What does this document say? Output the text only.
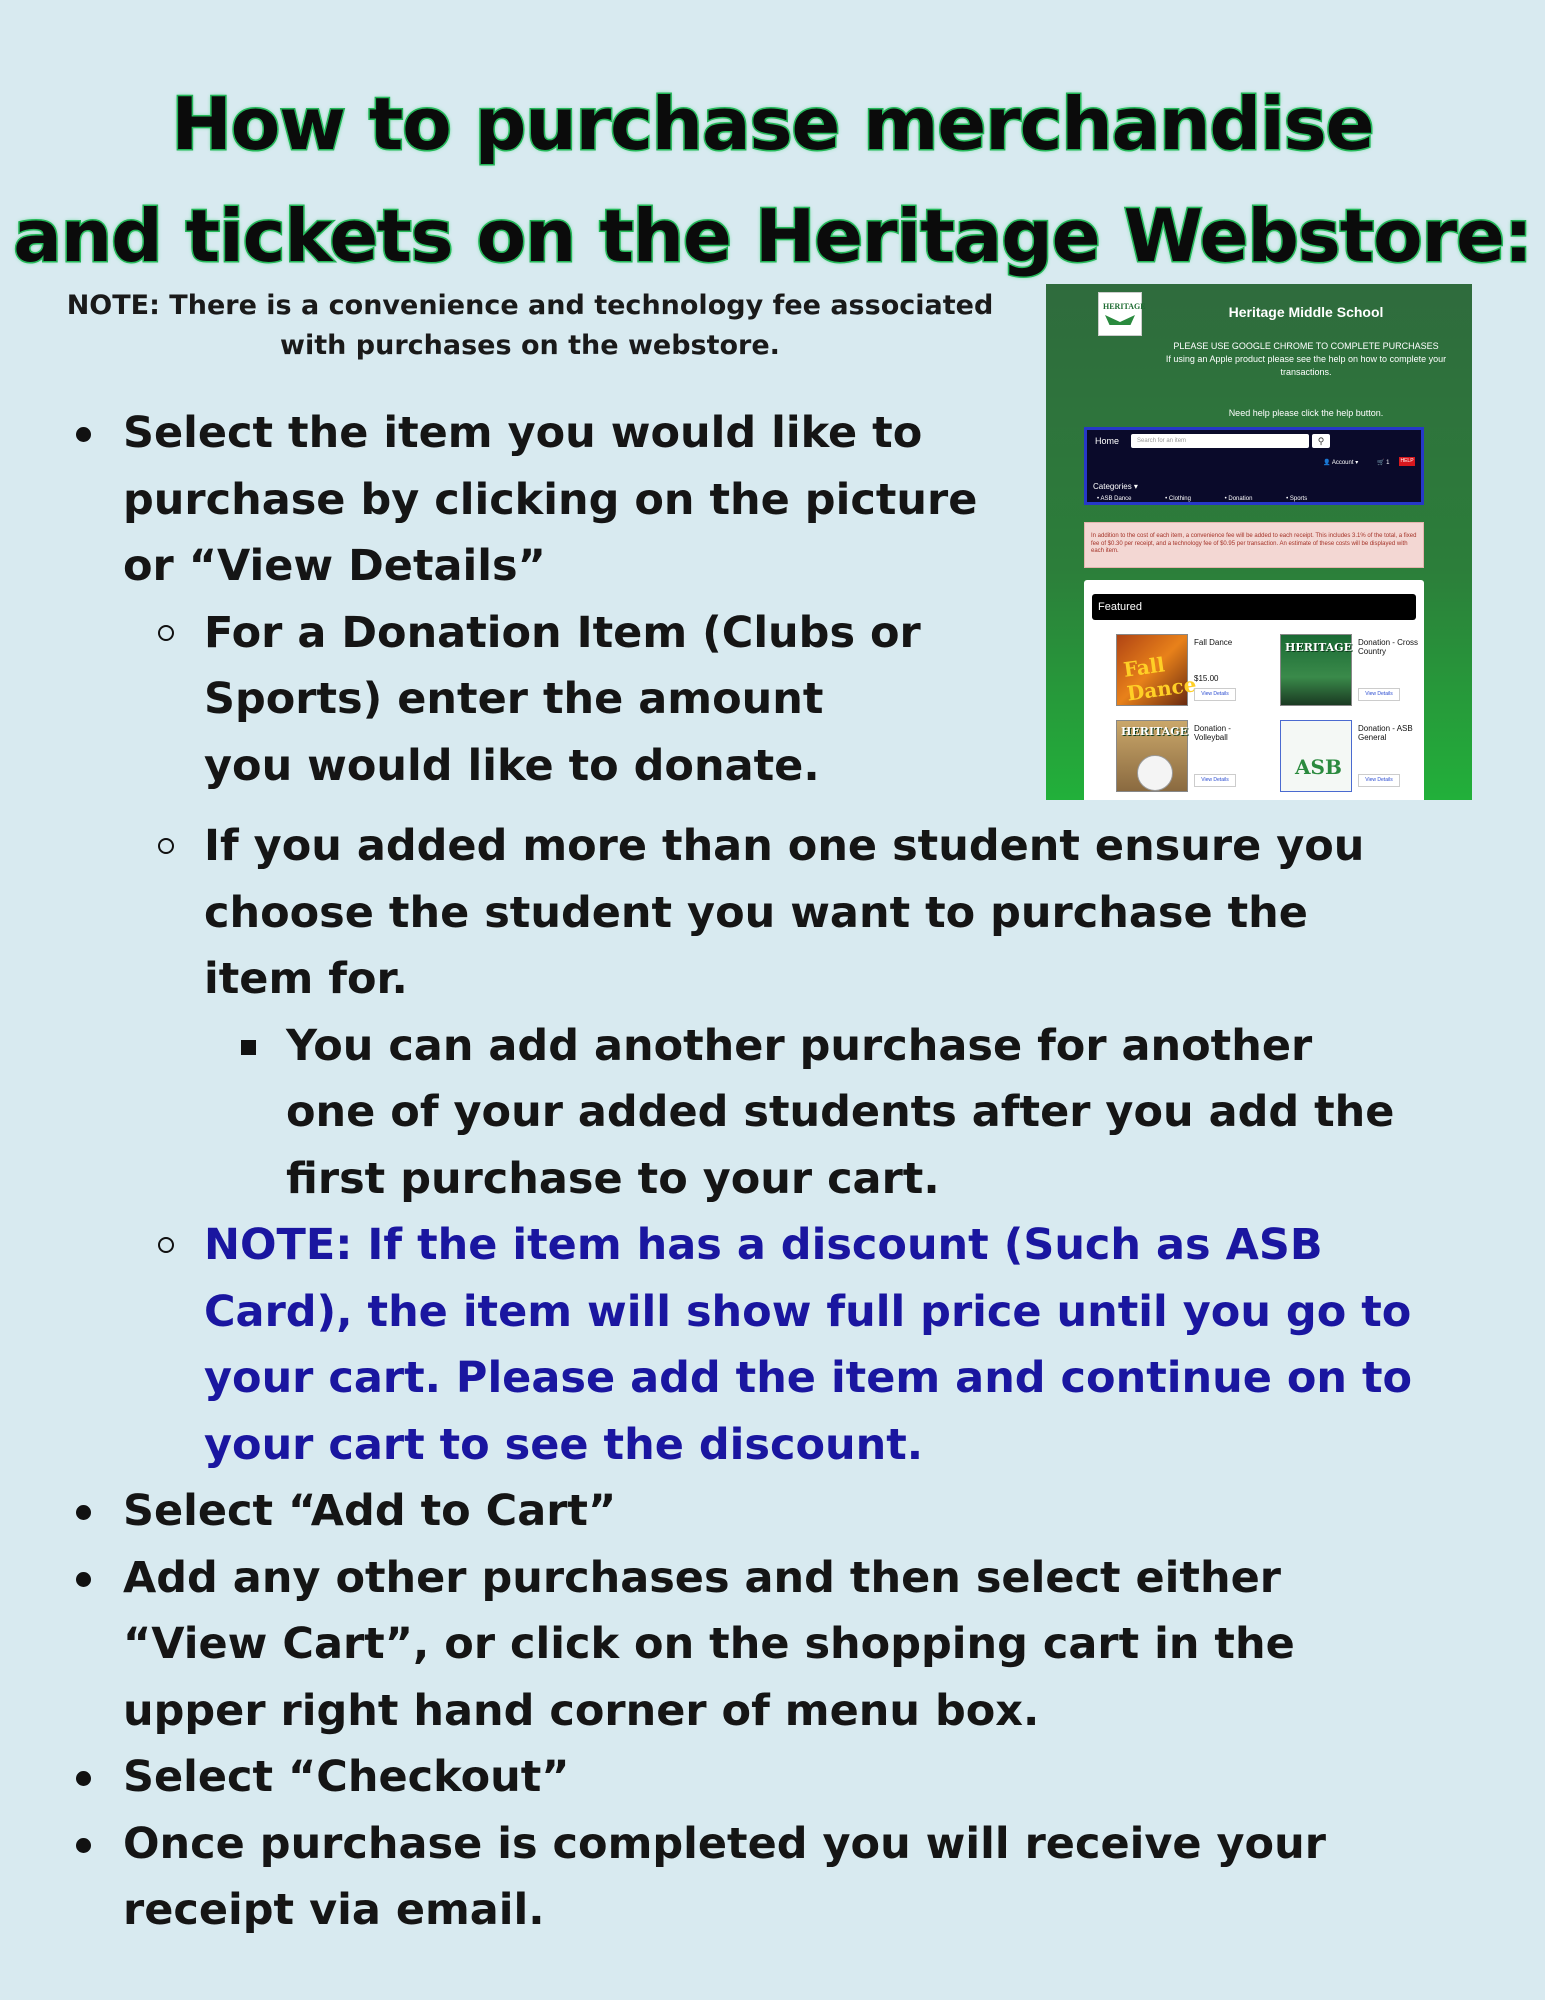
How to purchase merchandise
and tickets on the Heritage Webstore:
NOTE: There is a convenience and technology fee associated with purchases on the webstore.
Select the item you would like to purchase by clicking on the picture or “View Details”
For a Donation Item (Clubs or Sports) enter the amount you would like to donate.
If you added more than one student ensure you choose the student you want to purchase the item for.
You can add another purchase for another one of your added students after you add the first purchase to your cart.
NOTE: If the item has a discount (Such as ASB Card), the item will show full price until you go to your cart. Please add the item and continue on to your cart to see the discount.
Select “Add to Cart”
Add any other purchases and then select either “View Cart”, or click on the shopping cart in the upper right hand corner of menu box.
Select “Checkout”
Once purchase is completed you will receive your receipt via email.
HERITAGE	Heritage Middle School
PLEASE USE GOOGLE CHROME TO COMPLETE PURCHASES
If using an Apple product please see the help on how to complete your transactions.
Need help please click the help button.
Home	Search for an item	⚲
👤 Account ▾	🛒 1 HELP
Categories ▾
• ASB Dance	• Clothing	• Donation	• Sports
In addition to the cost of each item, a convenience fee will be added to each receipt. This includes 3.1% of the total, a fixed fee of $0.30 per receipt, and a technology fee of $0.95 per transaction. An estimate of these costs will be displayed with each item.
Featured
Fall Dance
Fall Dance
$15.00
View Details
HERITAGE Donation - Cross Country
View Details
HERITAGE Donation - Volleyball
View Details
ASB
Donation - ASB General
View Details
